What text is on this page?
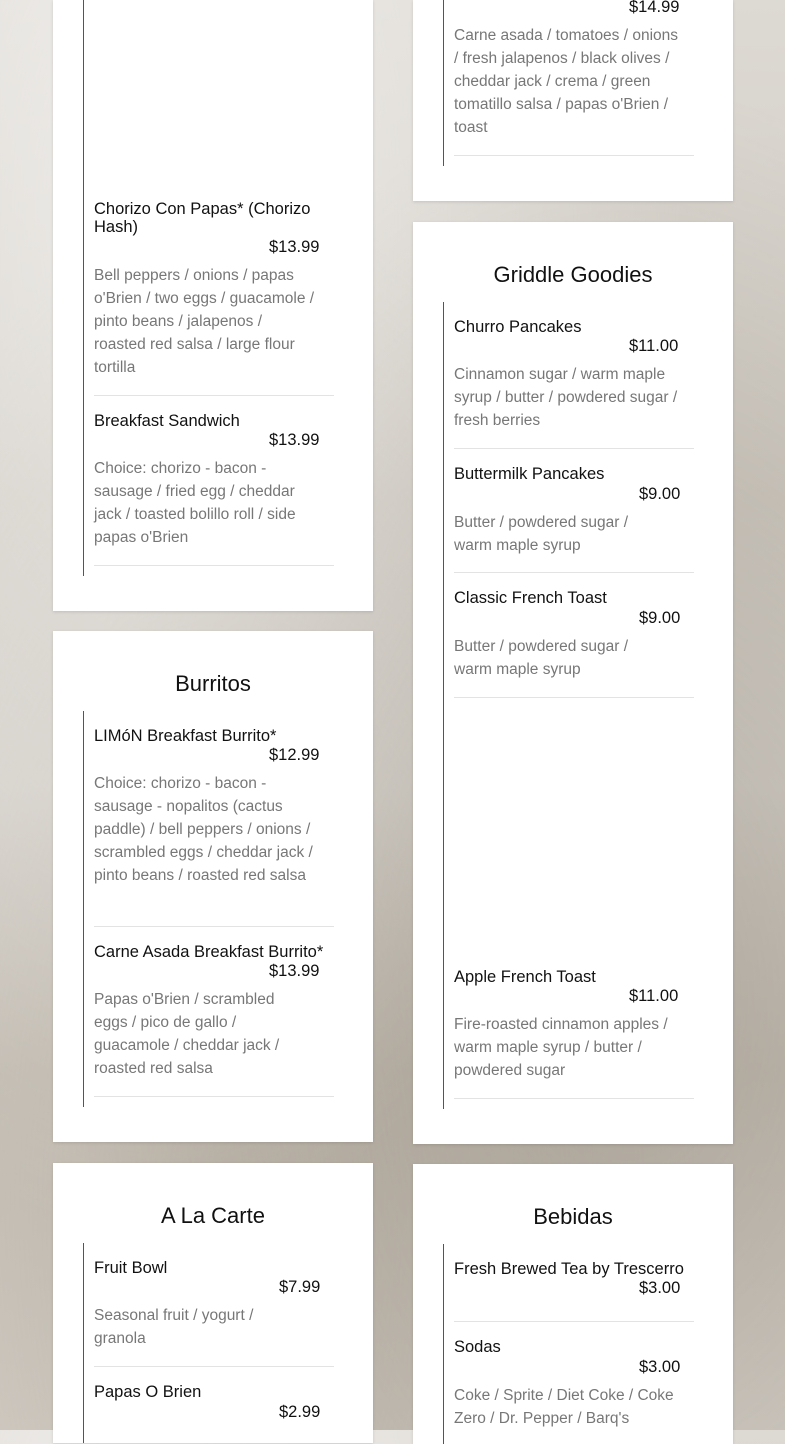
Chorizo Con Papas* (Chorizo Hash)
$13.99
Bell peppers / onions / papas o'Brien / two eggs / guacamole / pinto beans / jalapenos / roasted red salsa / large flour tortilla
Breakfast Sandwich
$13.99
Choice: chorizo - bacon - sausage / fried egg / cheddar jack / toasted bolillo roll / side papas o'Brien
$14.99
Carne asada / tomatoes / onions / fresh jalapenos / black olives / cheddar jack / crema / green tomatillo salsa / papas o'Brien / toast
Griddle Goodies
Churro Pancakes
$11.00
Cinnamon sugar / warm maple syrup / butter / powdered sugar / fresh berries
Buttermilk Pancakes
$9.00
Butter / powdered sugar / warm maple syrup
Classic French Toast
$9.00
Butter / powdered sugar / warm maple syrup
Apple French Toast
$11.00
Fire-roasted cinnamon apples / warm maple syrup / butter / powdered sugar
Burritos
LIMóN Breakfast Burrito*
$12.99
Choice: chorizo - bacon - sausage - nopalitos (cactus paddle) / bell peppers / onions / scrambled eggs / cheddar jack / pinto beans / roasted red salsa
Carne Asada Breakfast Burrito*
$13.99
Papas o'Brien / scrambled eggs / pico de gallo / guacamole / cheddar jack / roasted red salsa
A La Carte
Fruit Bowl
$7.99
Seasonal fruit / yogurt / granola
Papas O Brien
$2.99
Bebidas
Fresh Brewed Tea by Trescerro
$3.00
Sodas
$3.00
Coke / Sprite / Diet Coke / Coke Zero / Dr. Pepper / Barq's
